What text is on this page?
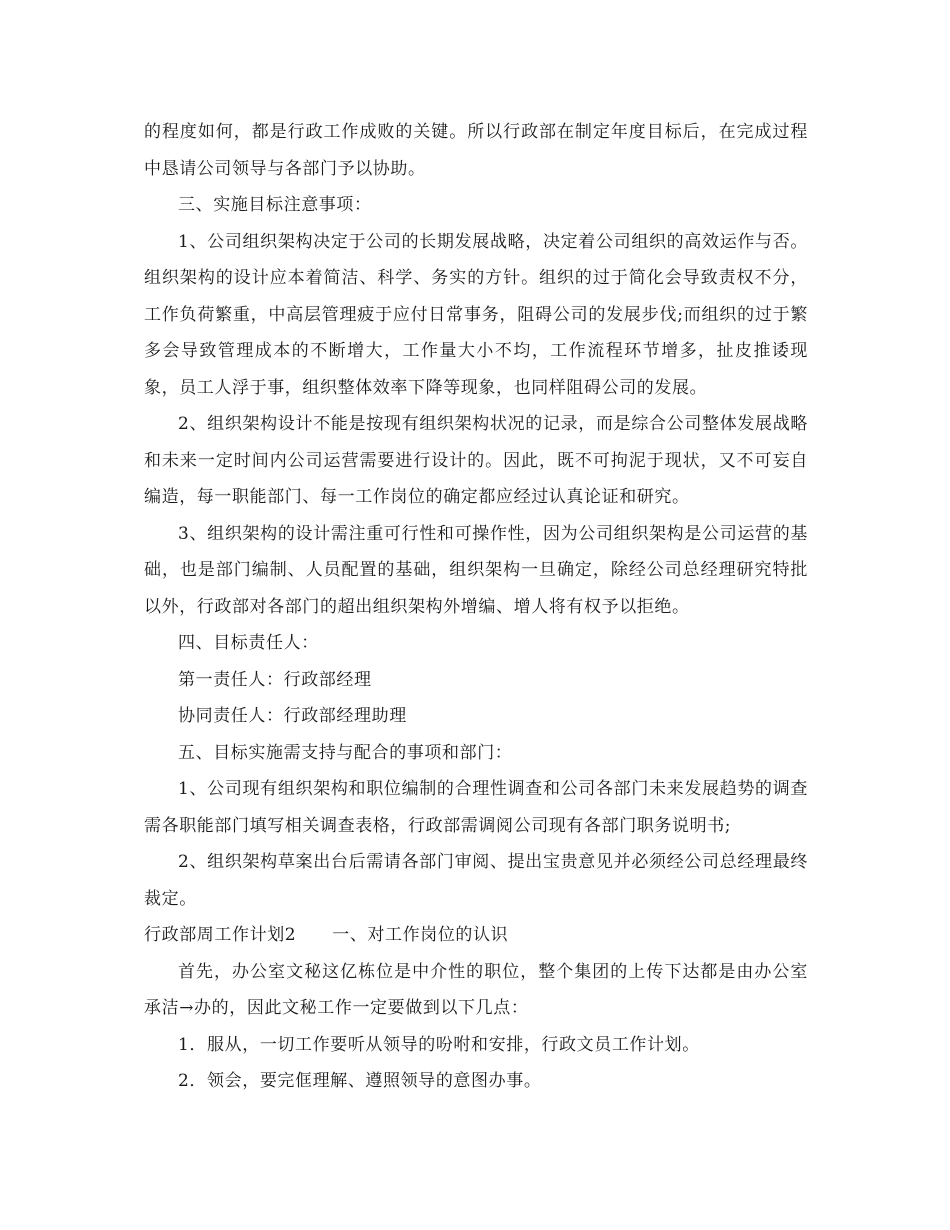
的程度如何，都是行政工作成败的关键。所以行政部在制定年度目标后，在完成过程中恳请公司领导与各部门予以协助。

三、实施目标注意事项：

1、公司组织架构决定于公司的长期发展战略，决定着公司组织的高效运作与否。组织架构的设计应本着简洁、科学、务实的方针。组织的过于简化会导致责权不分，工作负荷繁重，中高层管理疲于应付日常事务，阻碍公司的发展步伐;而组织的过于繁多会导致管理成本的不断增大，工作量大小不均，工作流程环节增多，扯皮推诿现象，员工人浮于事，组织整体效率下降等现象，也同样阻碍公司的发展。

2、组织架构设计不能是按现有组织架构状况的记录，而是综合公司整体发展战略和未来一定时间内公司运营需要进行设计的。因此，既不可拘泥于现状，又不可妄自编造，每一职能部门、每一工作岗位的确定都应经过认真论证和研究。

3、组织架构的设计需注重可行性和可操作性，因为公司组织架构是公司运营的基础，也是部门编制、人员配置的基础，组织架构一旦确定，除经公司总经理研究特批以外，行政部对各部门的超出组织架构外增编、增人将有权予以拒绝。

四、目标责任人：

第一责任人：行政部经理

协同责任人：行政部经理助理

五、目标实施需支持与配合的事项和部门：

1、公司现有组织架构和职位编制的合理性调查和公司各部门未来发展趋势的调查需各职能部门填写相关调查表格，行政部需调阅公司现有各部门职务说明书;

2、组织架构草案出台后需请各部门审阅、提出宝贵意见并必须经公司总经理最终裁定。

行政部周工作计划2 一、对工作岗位的认识

首先，办公室文秘这亿栋位是中介性的职位，整个集团的上传下达都是由办公室承洁→办的，因此文秘工作一定要做到以下几点：

1．服从，一切工作要听从领导的吩咐和安排，行政文员工作计划。

2．领会，要完㑌理解、遵照领导的意图办事。
